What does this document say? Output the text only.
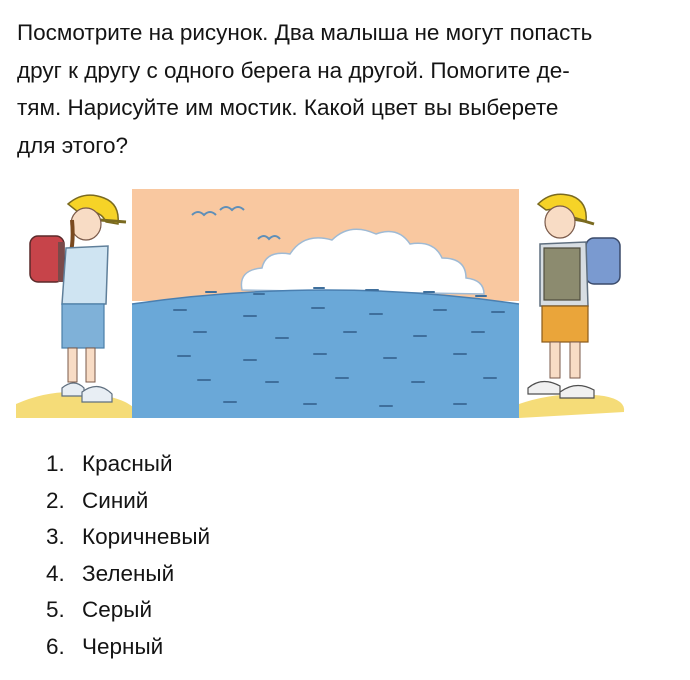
Посмотрите на рисунок. Два малыша не могут попасть
друг к другу с одного берега на другой. Помогите де-
тям. Нарисуйте им мостик. Какой цвет вы выберете
для этого?
1. Красный
2. Синий
3. Коричневый
4. Зеленый
5. Серый
6. Черный
